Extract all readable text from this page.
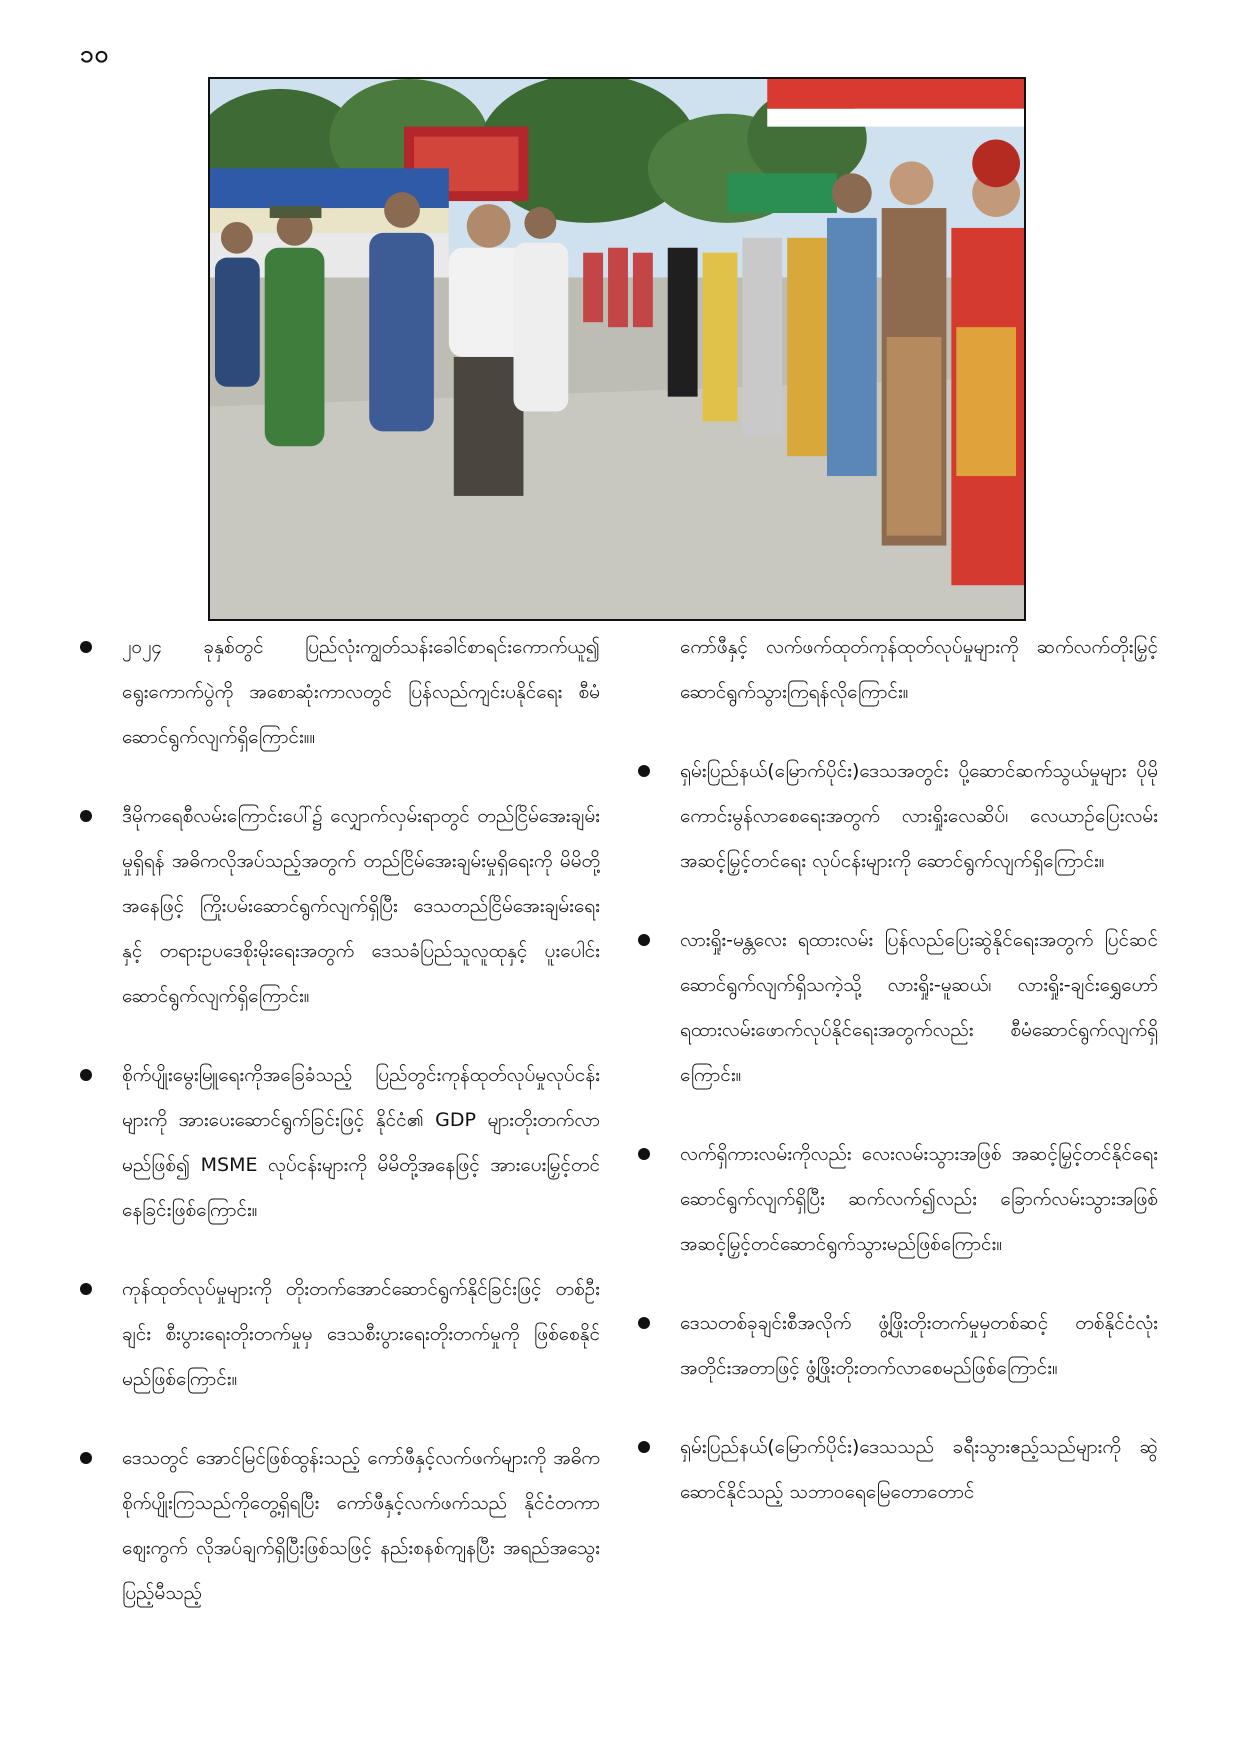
၁၀

၂၀၂၄ ခုနှစ်တွင် ပြည်လုံးကျွတ်သန်းခေါင်စာရင်းကောက်ယူ၍ ရွေးကောက်ပွဲကို အစောဆုံးကာလတွင် ပြန်လည်ကျင်းပနိုင်ရေး စီမံဆောင်ရွက်လျက်ရှိကြောင်း။။

ဒီမိုကရေစီလမ်းကြောင်းပေါ်၌ လျှောက်လှမ်းရာတွင် တည်ငြိမ်အေးချမ်းမှုရှိရန် အဓိကလိုအပ်သည့်အတွက် တည်ငြိမ်အေးချမ်းမှုရှိရေးကို မိမိတို့အနေဖြင့် ကြိုးပမ်းဆောင်ရွက်လျက်ရှိပြီး ဒေသတည်ငြိမ်အေးချမ်းရေးနှင့် တရားဥပဒေစိုးမိုးရေးအတွက် ဒေသခံပြည်သူလူထုနှင့် ပူးပေါင်းဆောင်ရွက်လျက်ရှိကြောင်း။

စိုက်ပျိုးမွေးမြူရေးကိုအခြေခံသည့် ပြည်တွင်းကုန်ထုတ်လုပ်မှုလုပ်ငန်းများကို အားပေးဆောင်ရွက်ခြင်းဖြင့် နိုင်ငံ၏ GDP များတိုးတက်လာမည်ဖြစ်၍ MSME လုပ်ငန်းများကို မိမိတို့အနေဖြင့် အားပေးမြှင့်တင်နေခြင်းဖြစ်ကြောင်း။

ကုန်ထုတ်လုပ်မှုများကို တိုးတက်အောင်ဆောင်ရွက်နိုင်ခြင်းဖြင့် တစ်ဦးချင်း စီးပွားရေးတိုးတက်မှုမှ ဒေသစီးပွားရေးတိုးတက်မှုကို ဖြစ်စေနိုင်မည်ဖြစ်ကြောင်း။

ဒေသတွင် အောင်မြင်ဖြစ်ထွန်းသည့် ကော်ဖီနှင့်လက်ဖက်များကို အဓိကစိုက်ပျိုးကြသည်ကိုတွေ့ရှိရပြီး ကော်ဖီနှင့်လက်ဖက်သည် နိုင်ငံတကာဈေးကွက် လိုအပ်ချက်ရှိပြီးဖြစ်သဖြင့် နည်းစနစ်ကျနပြီး အရည်အသွေးပြည့်မီသည့်

ကော်ဖီနှင့် လက်ဖက်ထုတ်ကုန်ထုတ်လုပ်မှုများကို ဆက်လက်တိုးမြှင့်ဆောင်ရွက်သွားကြရန်လိုကြောင်း။

ရှမ်းပြည်နယ်(မြောက်ပိုင်း)ဒေသအတွင်း ပို့ဆောင်ဆက်သွယ်မှုများ ပိုမိုကောင်းမွန်လာစေရေးအတွက် လားရှိုးလေဆိပ်၊ လေယာဉ်ပြေးလမ်းအဆင့်မြှင့်တင်ရေး လုပ်ငန်းများကို ဆောင်ရွက်လျက်ရှိကြောင်း။

လားရှိုး-မန္တလေး ရထားလမ်း ပြန်လည်ပြေးဆွဲနိုင်ရေးအတွက် ပြင်ဆင်ဆောင်ရွက်လျက်ရှိသကဲ့သို့ လားရှိုး-မူဆယ်၊ လားရှိုး-ချင်းရွှေဟော် ရထားလမ်းဖောက်လုပ်နိုင်ရေးအတွက်လည်း စီမံဆောင်ရွက်လျက်ရှိကြောင်း။

လက်ရှိကားလမ်းကိုလည်း လေးလမ်းသွားအဖြစ် အဆင့်မြှင့်တင်နိုင်ရေး ဆောင်ရွက်လျက်ရှိပြီး ဆက်လက်၍လည်း ခြောက်လမ်းသွားအဖြစ် အဆင့်မြှင့်တင်ဆောင်ရွက်သွားမည်ဖြစ်ကြောင်း။

ဒေသတစ်ခုချင်းစီအလိုက် ဖွံ့ဖြိုးတိုးတက်မှုမှတစ်ဆင့် တစ်နိုင်ငံလုံးအတိုင်းအတာဖြင့် ဖွံ့ဖြိုးတိုးတက်လာစေမည်ဖြစ်ကြောင်း။

ရှမ်းပြည်နယ်(မြောက်ပိုင်း)ဒေသသည် ခရီးသွားဧည့်သည်များကို ဆွဲဆောင်နိုင်သည့် သဘာဝရေမြေတောတောင်
